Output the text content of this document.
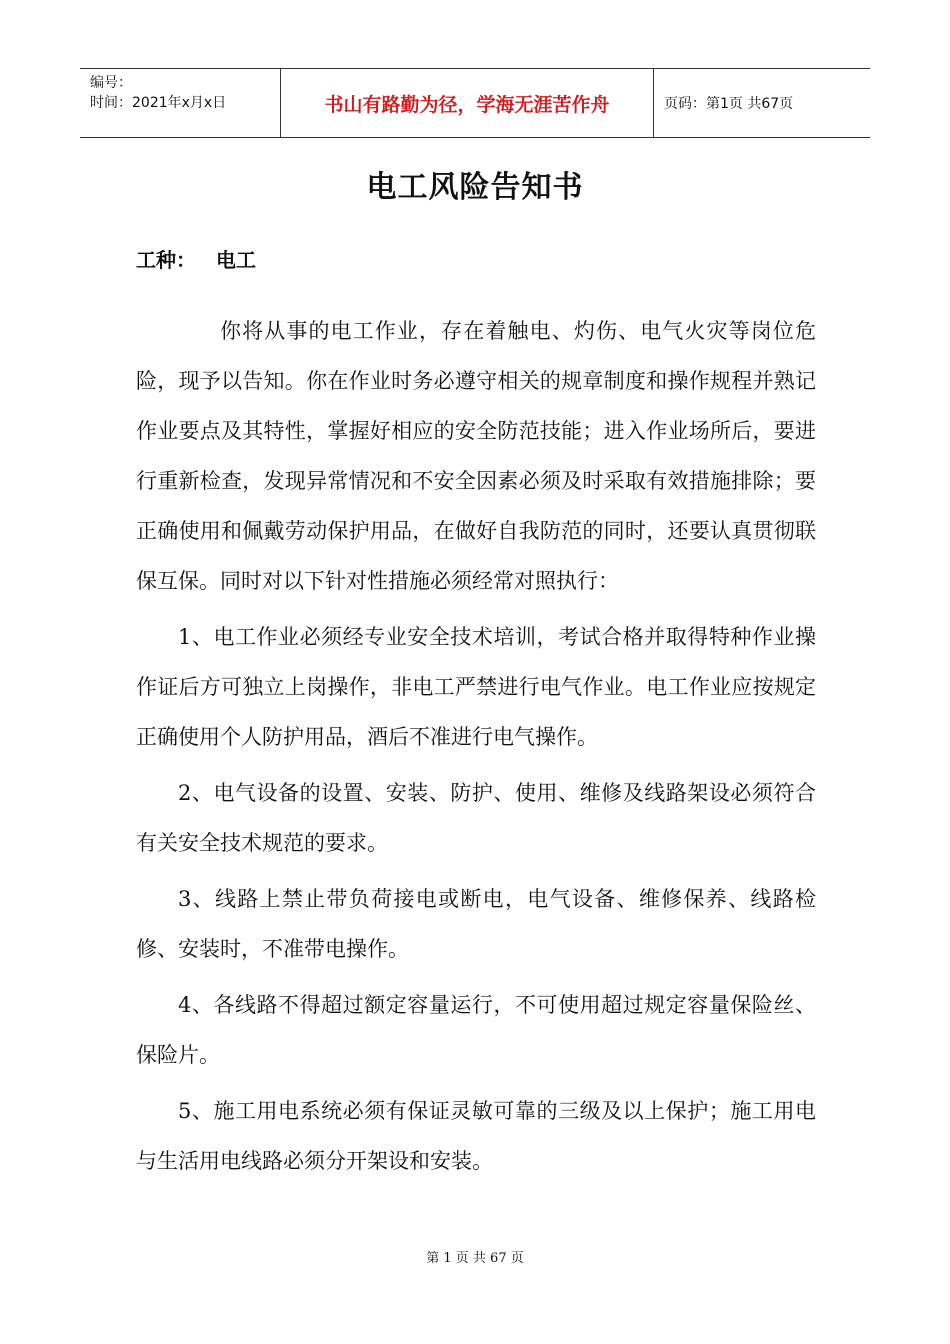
编号：
时间：2021年x月x日	书山有路勤为径，学海无涯苦作舟	页码：第1页 共67页
电工风险告知书
工种： 电工

你将从事的电工作业，存在着触电、灼伤、电气火灾等岗位危险，现予以告知。你在作业时务必遵守相关的规章制度和操作规程并熟记作业要点及其特性，掌握好相应的安全防范技能；进入作业场所后，要进行重新检查，发现异常情况和不安全因素必须及时采取有效措施排除；要正确使用和佩戴劳动保护用品，在做好自我防范的同时，还要认真贯彻联保互保。同时对以下针对性措施必须经常对照执行：

1、电工作业必须经专业安全技术培训，考试合格并取得特种作业操作证后方可独立上岗操作，非电工严禁进行电气作业。电工作业应按规定正确使用个人防护用品，酒后不准进行电气操作。

2、电气设备的设置、安装、防护、使用、维修及线路架设必须符合有关安全技术规范的要求。

3、线路上禁止带负荷接电或断电，电气设备、维修保养、线路检修、安装时，不准带电操作。

4、各线路不得超过额定容量运行，不可使用超过规定容量保险丝、保险片。

5、施工用电系统必须有保证灵敏可靠的三级及以上保护；施工用电与生活用电线路必须分开架设和安装。

第 1 页 共 67 页
